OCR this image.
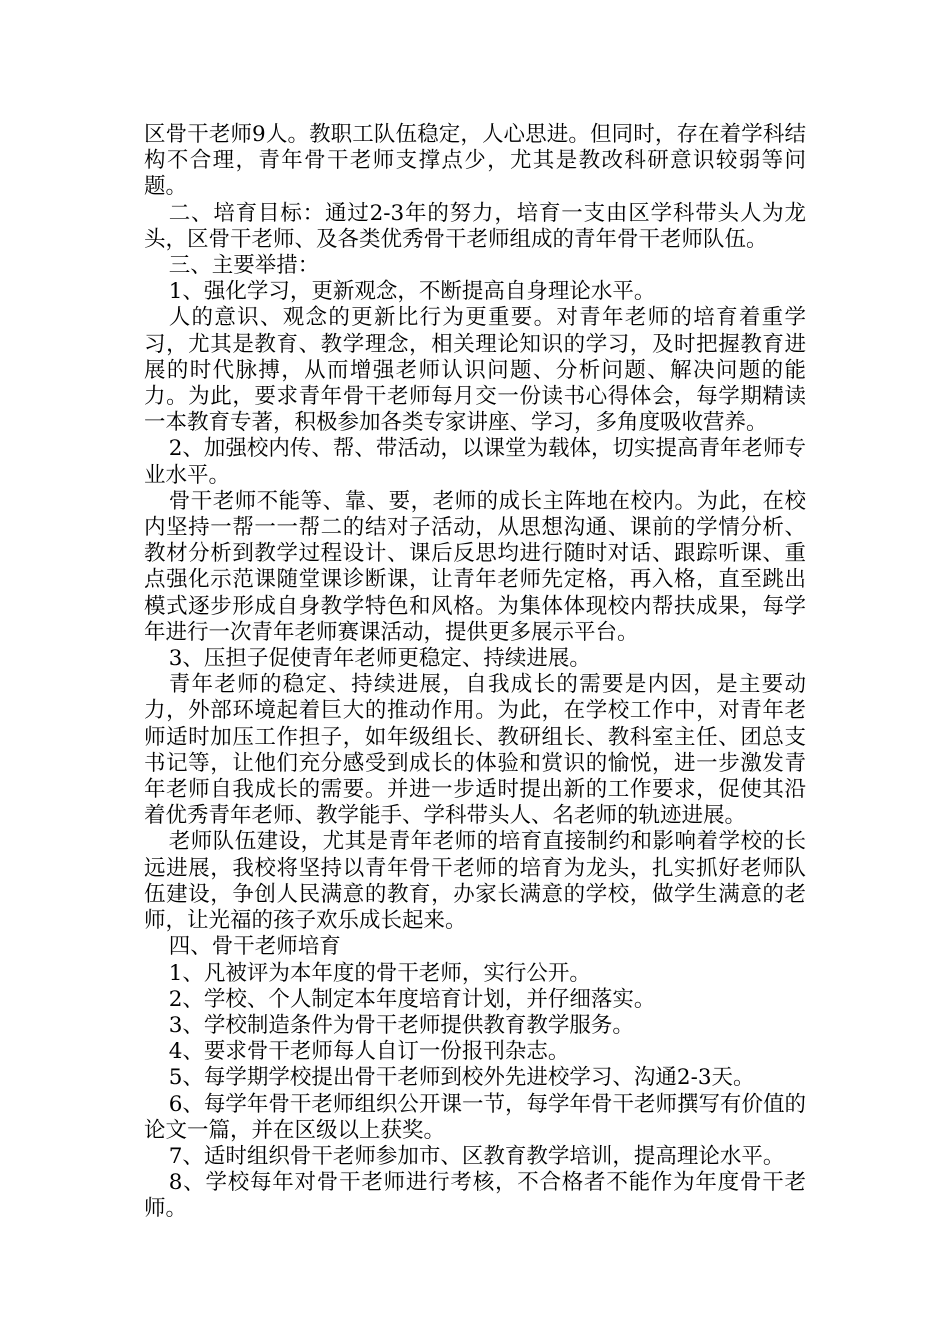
区骨干老师9人。教职工队伍稳定，人心思进。但同时，存在着学科结构不合理，青年骨干老师支撑点少，尤其是教改科研意识较弱等问题。

二、培育目标：通过2-3年的努力，培育一支由区学科带头人为龙头，区骨干老师、及各类优秀骨干老师组成的青年骨干老师队伍。

三、主要举措：

1、强化学习，更新观念，不断提高自身理论水平。

人的意识、观念的更新比行为更重要。对青年老师的培育着重学习，尤其是教育、教学理念，相关理论知识的学习，及时把握教育进展的时代脉搏，从而增强老师认识问题、分析问题、解决问题的能力。为此，要求青年骨干老师每月交一份读书心得体会，每学期精读一本教育专著，积极参加各类专家讲座、学习，多角度吸收营养。

2、加强校内传、帮、带活动，以课堂为载体，切实提高青年老师专业水平。

骨干老师不能等、靠、要，老师的成长主阵地在校内。为此，在校内坚持一帮一一帮二的结对子活动，从思想沟通、课前的学情分析、教材分析到教学过程设计、课后反思均进行随时对话、跟踪听课、重点强化示范课随堂课诊断课，让青年老师先定格，再入格，直至跳出模式逐步形成自身教学特色和风格。为集体体现校内帮扶成果，每学年进行一次青年老师赛课活动，提供更多展示平台。

3、压担子促使青年老师更稳定、持续进展。

青年老师的稳定、持续进展，自我成长的需要是内因，是主要动力，外部环境起着巨大的推动作用。为此，在学校工作中，对青年老师适时加压工作担子，如年级组长、教研组长、教科室主任、团总支书记等，让他们充分感受到成长的体验和赏识的愉悦，进一步激发青年老师自我成长的需要。并进一步适时提出新的工作要求，促使其沿着优秀青年老师、教学能手、学科带头人、名老师的轨迹进展。

老师队伍建设，尤其是青年老师的培育直接制约和影响着学校的长远进展，我校将坚持以青年骨干老师的培育为龙头，扎实抓好老师队伍建设，争创人民满意的教育，办家长满意的学校，做学生满意的老师，让光福的孩子欢乐成长起来。

四、骨干老师培育

1、凡被评为本年度的骨干老师，实行公开。

2、学校、个人制定本年度培育计划，并仔细落实。

3、学校制造条件为骨干老师提供教育教学服务。

4、要求骨干老师每人自订一份报刊杂志。

5、每学期学校提出骨干老师到校外先进校学习、沟通2-3天。

6、每学年骨干老师组织公开课一节，每学年骨干老师撰写有价值的论文一篇，并在区级以上获奖。

7、适时组织骨干老师参加市、区教育教学培训，提高理论水平。

8、学校每年对骨干老师进行考核，不合格者不能作为年度骨干老师。
